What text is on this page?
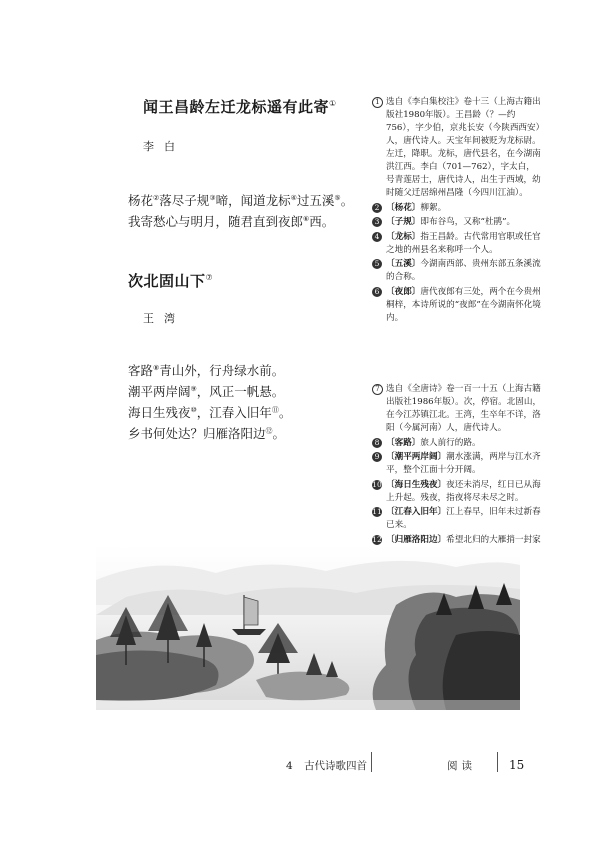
闻王昌龄左迁龙标遥有此寄①
李白
杨花②落尽子规③啼，闻道龙标④过五溪⑤。
我寄愁心与明月，随君直到夜郎⑥西。
次北固山下⑦
王湾
客路⑧青山外，行舟绿水前。
潮平两岸阔⑨，风正一帆悬。
海日生残夜⑩，江春入旧年⑪。
乡书何处达？归雁洛阳边⑫。
1 选自《李白集校注》卷十三（上海古籍出版社1980年版）。王昌龄（？—约756），字少伯，京兆长安（今陕西西安）人，唐代诗人。天宝年间被贬为龙标尉。左迁，降职。龙标，唐代县名，在今湖南洪江西。李白（701—762），字太白，号青莲居士，唐代诗人，出生于西域，幼时随父迁居绵州昌隆（今四川江油）。
2 〔杨花〕柳絮。
3 〔子规〕即布谷鸟，又称“杜鹃”。
4 〔龙标〕指王昌龄。古代常用官职或任官之地的州县名来称呼一个人。
5 〔五溪〕今湖南西部、贵州东部五条溪流的合称。
6 〔夜郎〕唐代夜郎有三处，两个在今贵州桐梓，本诗所说的“夜郎”在今湖南怀化境内。
7 选自《全唐诗》卷一百一十五（上海古籍出版社1986年版）。次，停宿。北固山，在今江苏镇江北。王湾，生卒年不详，洛阳（今属河南）人，唐代诗人。
8 〔客路〕旅人前行的路。
9 〔潮平两岸阔〕潮水涨满，两岸与江水齐平，整个江面十分开阔。
10 〔海日生残夜〕夜还未消尽，红日已从海上升起。残夜，指夜将尽未尽之时。
11 〔江春入旧年〕江上春早，旧年未过新春已来。
12 〔归雁洛阳边〕希望北归的大雁捎一封家
4 古代诗歌四首	阅读	15
